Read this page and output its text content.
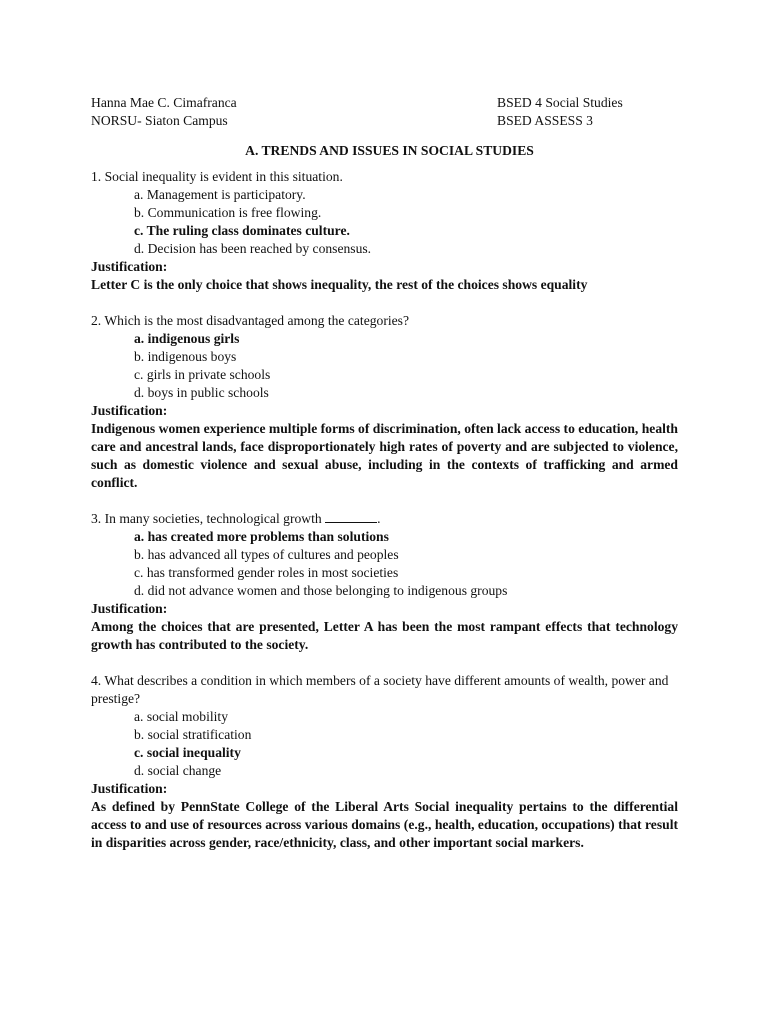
Hanna Mae C. Cimafranca	BSED 4 Social Studies
NORSU- Siaton Campus	BSED ASSESS 3
A. TRENDS AND ISSUES IN SOCIAL STUDIES
1. Social inequality is evident in this situation.
a. Management is participatory.
b. Communication is free flowing.
c. The ruling class dominates culture.
d. Decision has been reached by consensus.
Justification:
Letter C is the only choice that shows inequality, the rest of the choices shows equality
2. Which is the most disadvantaged among the categories?
a. indigenous girls
b. indigenous boys
c. girls in private schools
d. boys in public schools
Justification:
Indigenous women experience multiple forms of discrimination, often lack access to education, health care and ancestral lands, face disproportionately high rates of poverty and are subjected to violence, such as domestic violence and sexual abuse, including in the contexts of trafficking and armed conflict.
3. In many societies, technological growth	.
a. has created more problems than solutions
b. has advanced all types of cultures and peoples
c. has transformed gender roles in most societies
d. did not advance women and those belonging to indigenous groups
Justification:
Among the choices that are presented, Letter A has been the most rampant effects that technology growth has contributed to the society.
4. What describes a condition in which members of a society have different amounts of wealth, power and prestige?
a. social mobility
b. social stratification
c. social inequality
d. social change
Justification:
As defined by PennState College of the Liberal Arts Social inequality pertains to the differential access to and use of resources across various domains (e.g., health, education, occupations) that result in disparities across gender, race/ethnicity, class, and other important social markers.
